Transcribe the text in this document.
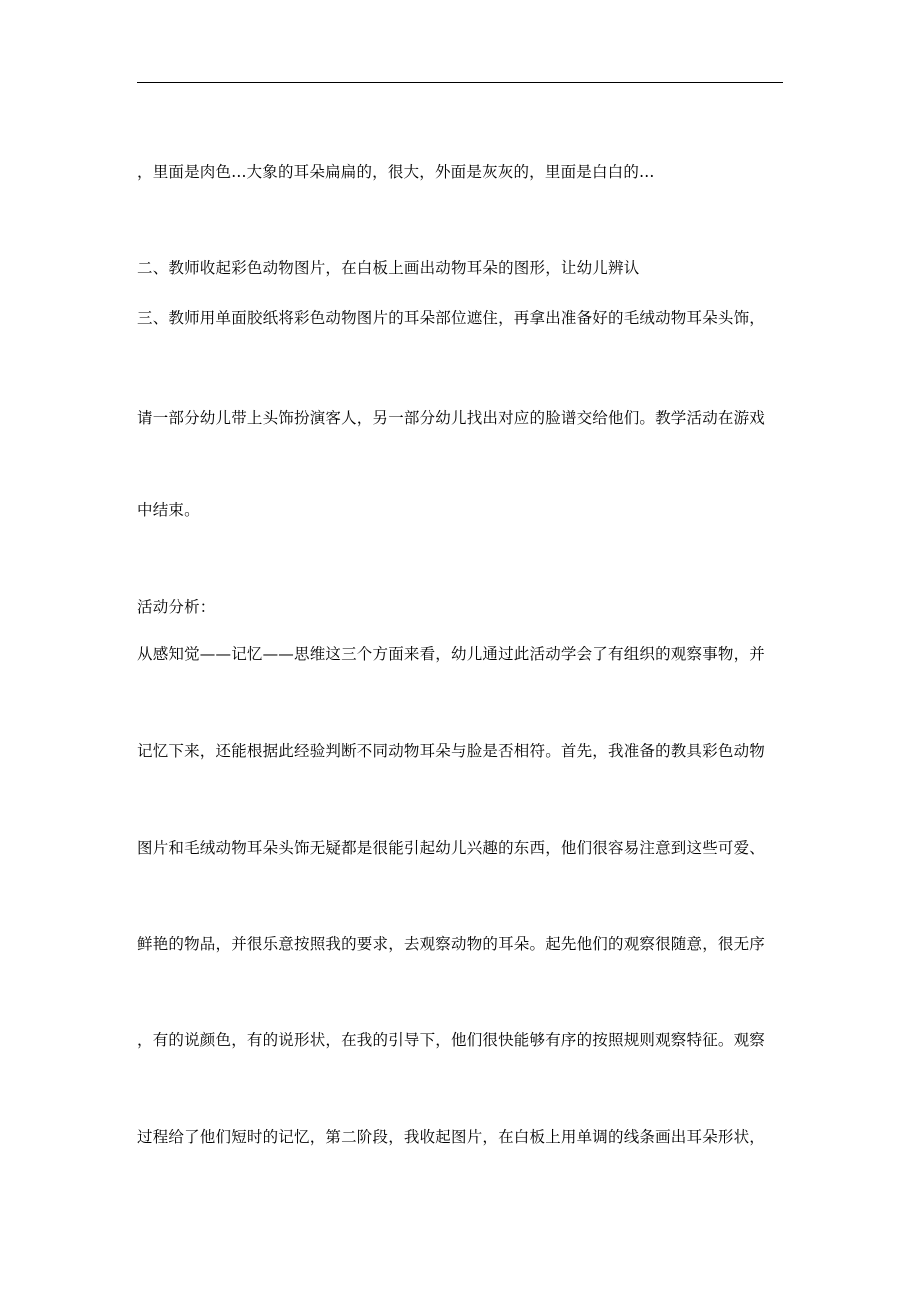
，里面是肉色...大象的耳朵扁扁的，很大，外面是灰灰的，里面是白白的...
二、教师收起彩色动物图片，在白板上画出动物耳朵的图形，让幼儿辨认
三、教师用单面胶纸将彩色动物图片的耳朵部位遮住，再拿出准备好的毛绒动物耳朵头饰，
请一部分幼儿带上头饰扮演客人，另一部分幼儿找出对应的脸谱交给他们。教学活动在游戏
中结束。
活动分析：
从感知觉——记忆——思维这三个方面来看，幼儿通过此活动学会了有组织的观察事物，并
记忆下来，还能根据此经验判断不同动物耳朵与脸是否相符。首先，我准备的教具彩色动物
图片和毛绒动物耳朵头饰无疑都是很能引起幼儿兴趣的东西，他们很容易注意到这些可爱、
鲜艳的物品，并很乐意按照我的要求，去观察动物的耳朵。起先他们的观察很随意，很无序
，有的说颜色，有的说形状，在我的引导下，他们很快能够有序的按照规则观察特征。观察
过程给了他们短时的记忆，第二阶段，我收起图片，在白板上用单调的线条画出耳朵形状，
